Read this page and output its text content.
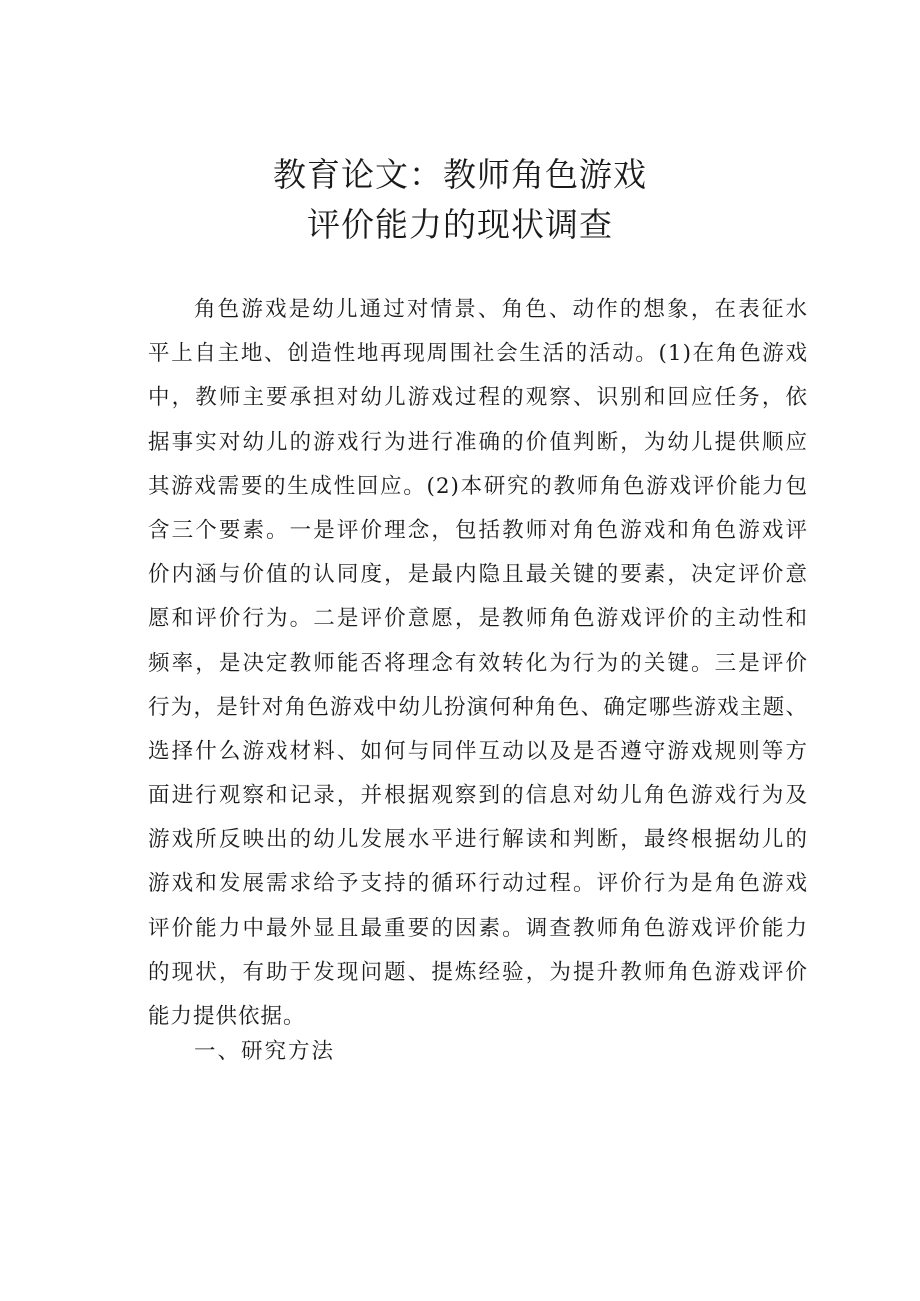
教育论文：教师角色游戏
评价能力的现状调查
角色游戏是幼儿通过对情景、角色、动作的想象，在表征水
平上自主地、创造性地再现周围社会生活的活动。(1)在角色游戏
中，教师主要承担对幼儿游戏过程的观察、识别和回应任务，依
据事实对幼儿的游戏行为进行准确的价值判断，为幼儿提供顺应
其游戏需要的生成性回应。(2)本研究的教师角色游戏评价能力包
含三个要素。一是评价理念，包括教师对角色游戏和角色游戏评
价内涵与价值的认同度，是最内隐且最关键的要素，决定评价意
愿和评价行为。二是评价意愿，是教师角色游戏评价的主动性和
频率，是决定教师能否将理念有效转化为行为的关键。三是评价
行为，是针对角色游戏中幼儿扮演何种角色、确定哪些游戏主题、
选择什么游戏材料、如何与同伴互动以及是否遵守游戏规则等方
面进行观察和记录，并根据观察到的信息对幼儿角色游戏行为及
游戏所反映出的幼儿发展水平进行解读和判断，最终根据幼儿的
游戏和发展需求给予支持的循环行动过程。评价行为是角色游戏
评价能力中最外显且最重要的因素。调查教师角色游戏评价能力
的现状，有助于发现问题、提炼经验，为提升教师角色游戏评价
能力提供依据。
一、研究方法
